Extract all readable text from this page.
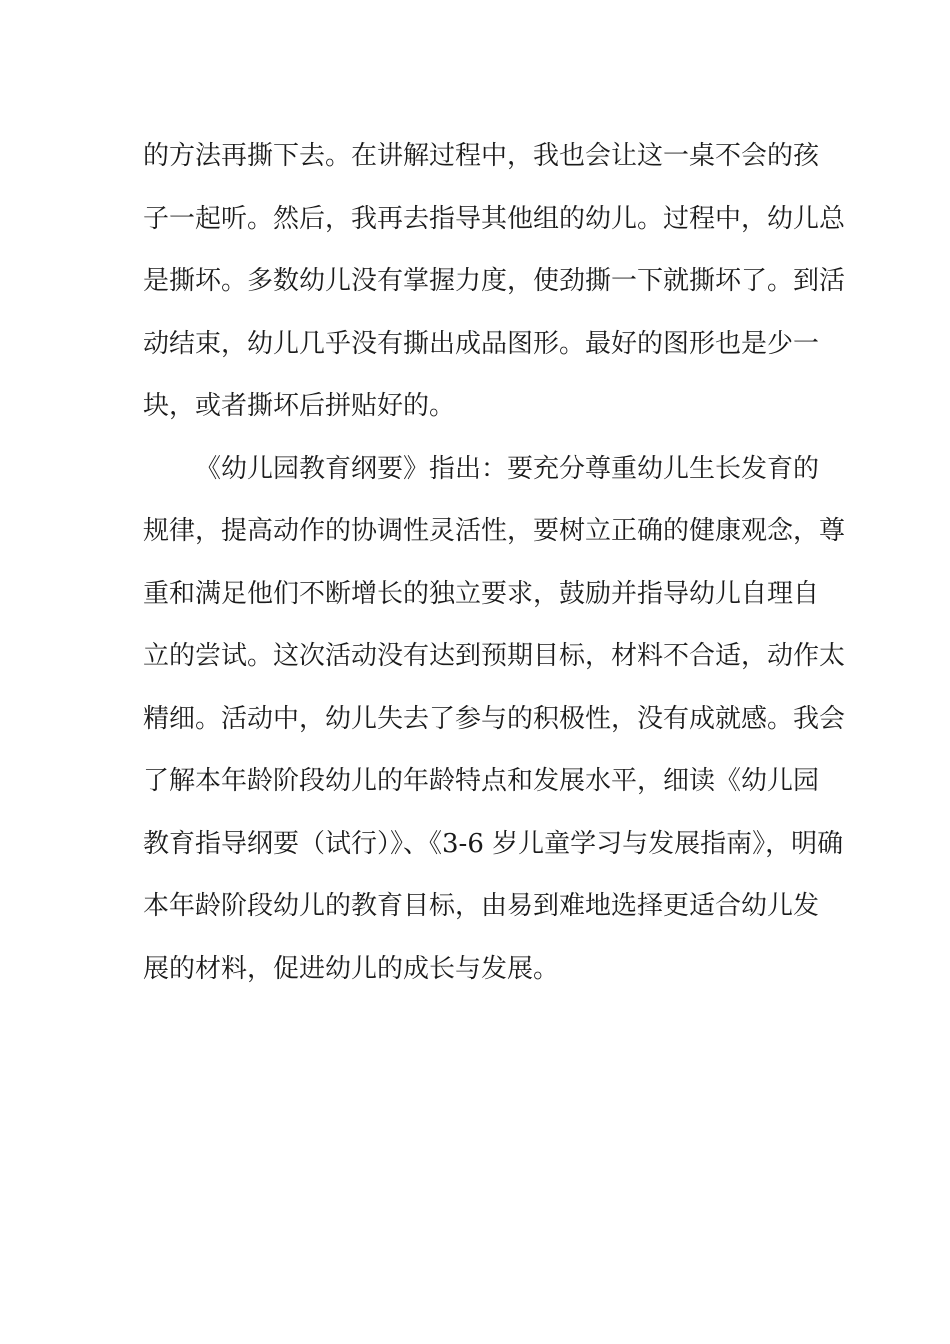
的方法再撕下去。在讲解过程中，我也会让这一桌不会的孩
子一起听。然后，我再去指导其他组的幼儿。过程中，幼儿总
是撕坏。多数幼儿没有掌握力度，使劲撕一下就撕坏了。到活
动结束，幼儿几乎没有撕出成品图形。最好的图形也是少一
块，或者撕坏后拼贴好的。
《幼儿园教育纲要》指出：要充分尊重幼儿生长发育的
规律，提高动作的协调性灵活性，要树立正确的健康观念，尊
重和满足他们不断增长的独立要求，鼓励并指导幼儿自理自
立的尝试。这次活动没有达到预期目标，材料不合适，动作太
精细。活动中，幼儿失去了参与的积极性，没有成就感。我会
了解本年龄阶段幼儿的年龄特点和发展水平，细读《幼儿园
教育指导纲要（试行）》、《3-6 岁儿童学习与发展指南》，明确
本年龄阶段幼儿的教育目标，由易到难地选择更适合幼儿发
展的材料，促进幼儿的成长与发展。
